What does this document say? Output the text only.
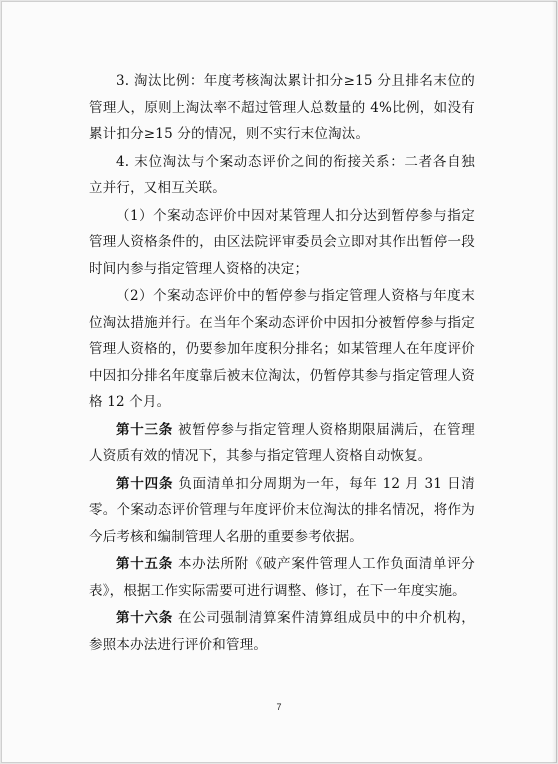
3. 淘汰比例：年度考核淘汰累计扣分≥15 分且排名末位的管理人，原则上淘汰率不超过管理人总数量的 4%比例，如没有累计扣分≥15 分的情况，则不实行末位淘汰。

4. 末位淘汰与个案动态评价之间的衔接关系：二者各自独立并行，又相互关联。

（1）个案动态评价中因对某管理人扣分达到暂停参与指定管理人资格条件的，由区法院评审委员会立即对其作出暂停一段时间内参与指定管理人资格的决定；

（2）个案动态评价中的暂停参与指定管理人资格与年度末位淘汰措施并行。在当年个案动态评价中因扣分被暂停参与指定管理人资格的，仍要参加年度积分排名；如某管理人在年度评价中因扣分排名年度靠后被末位淘汰，仍暂停其参与指定管理人资格 12 个月。

第十三条 被暂停参与指定管理人资格期限届满后，在管理人资质有效的情况下，其参与指定管理人资格自动恢复。

第十四条 负面清单扣分周期为一年，每年 12 月 31 日清零。个案动态评价管理与年度评价末位淘汰的排名情况，将作为今后考核和编制管理人名册的重要参考依据。

第十五条 本办法所附《破产案件管理人工作负面清单评分表》，根据工作实际需要可进行调整、修订，在下一年度实施。

第十六条 在公司强制清算案件清算组成员中的中介机构，参照本办法进行评价和管理。

7
